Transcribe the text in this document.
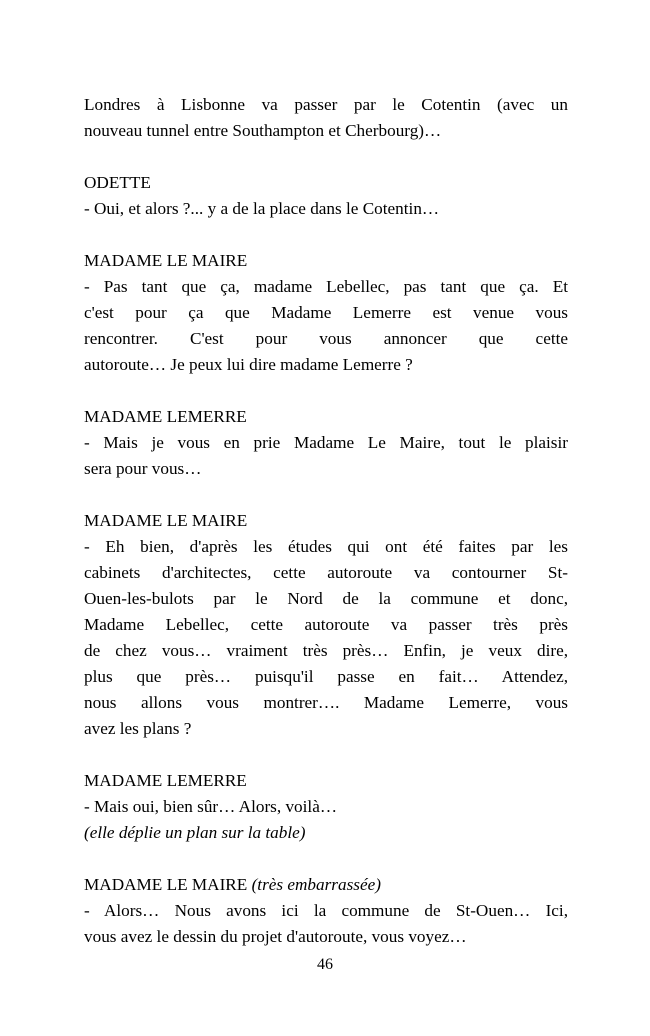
Londres à Lisbonne va passer par le Cotentin (avec un
nouveau tunnel entre Southampton et Cherbourg)…
ODETTE
- Oui, et alors ?... y a de la place dans le Cotentin…
MADAME LE MAIRE
- Pas tant que ça, madame Lebellec, pas tant que ça. Et
c'est pour ça que Madame Lemerre est venue vous
rencontrer. C'est pour vous annoncer que cette
autoroute… Je peux lui dire madame Lemerre ?
MADAME LEMERRE
- Mais je vous en prie Madame Le Maire, tout le plaisir
sera pour vous…
MADAME LE MAIRE
- Eh bien, d'après les études qui ont été faites par les
cabinets d'architectes, cette autoroute va contourner St-
Ouen-les-bulots par le Nord de la commune et donc,
Madame Lebellec, cette autoroute va passer très près
de chez vous… vraiment très près… Enfin, je veux dire,
plus que près… puisqu'il passe en fait… Attendez,
nous allons vous montrer…. Madame Lemerre, vous
avez les plans ?
MADAME LEMERRE
- Mais oui, bien sûr… Alors, voilà…
(elle déplie un plan sur la table)
MADAME LE MAIRE (très embarrassée)
- Alors… Nous avons ici la commune de St-Ouen… Ici,
vous avez le dessin du projet d'autoroute, vous voyez…
46
